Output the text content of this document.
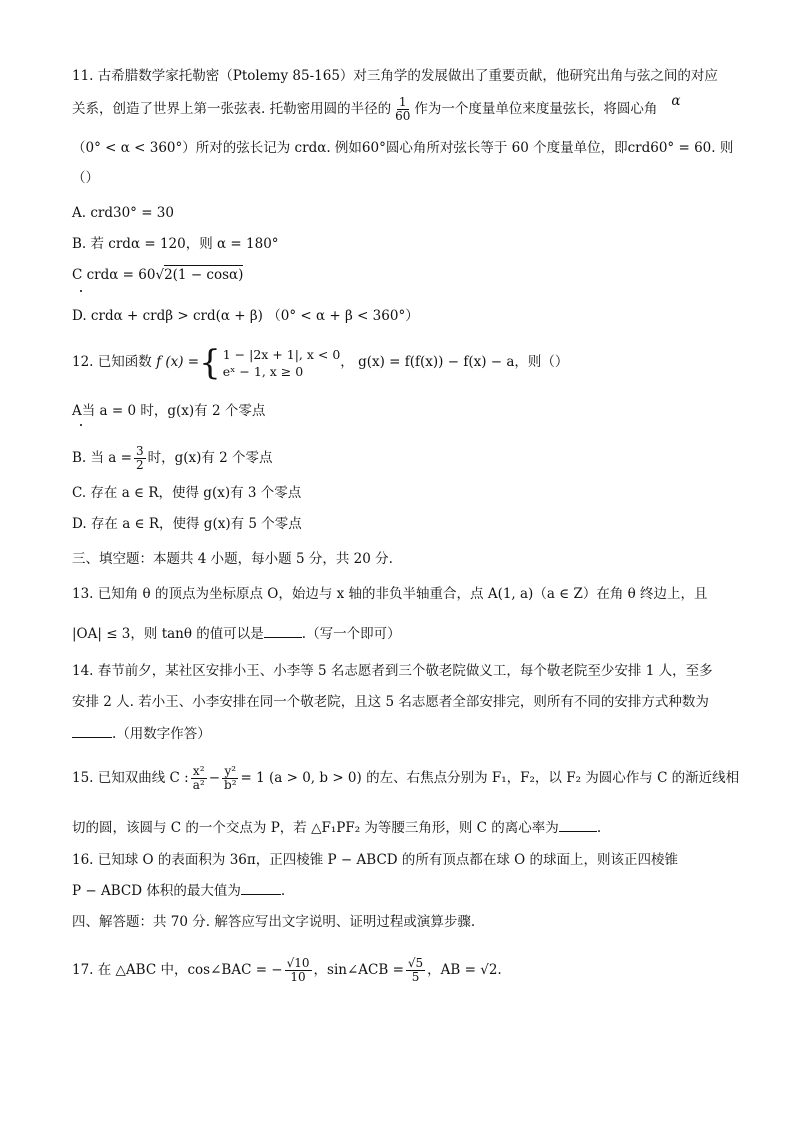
11. 古希腊数学家托勒密（Ptolemy 85-165）对三角学的发展做出了重要贡献，他研究出角与弦之间的对应
关系，创造了世界上第一张弦表. 托勒密用圆的半径的 $\frac{1}{60}$ 作为一个度量单位来度量弦长，将圆心角 α
（0° < α < 360°）所对的弦长记为 crdα. 例如60°圆心角所对弦长等于 60 个度量单位，即crd60° = 60. 则
（）
A. crd30° = 30
B. 若 crdα = 120，则 α = 180°
C crdα = 60√2(1 − cosα)
D. crdα + crdβ > crd(α + β) （0° < α + β < 360°）
12. 已知函数 f (x) = { 1 − |2x + 1|, x < 0
eˣ − 1, x ≥ 0
， g(x) = f(f(x)) − f(x) − a，则（）
A当 a = 0 时，g(x)有 2 个零点
B. 当 $a = \frac{3}{2}$ 时，g(x)有 2 个零点
C. 存在 a ∈ R，使得 g(x)有 3 个零点
D. 存在 a ∈ R，使得 g(x)有 5 个零点
三、填空题：本题共 4 小题，每小题 5 分，共 20 分.
13. 已知角 θ 的顶点为坐标原点 O，始边与 x 轴的非负半轴重合，点 A(1, a)（a ∈ Z）在角 θ 终边上，且
|OA| ≤ 3，则 tanθ 的值可以是	.（写一个即可）
14. 春节前夕，某社区安排小王、小李等 5 名志愿者到三个敬老院做义工，每个敬老院至少安排 1 人，至多
安排 2 人. 若小王、小李安排在同一个敬老院，且这 5 名志愿者全部安排完，则所有不同的安排方式种数为
.（用数字作答）
15. 已知双曲线 C : $\frac{\text{x²}}{\text{a²}} - \frac{\text{y²}}{\text{b²}} = 1$ (a > 0, b > 0) 的左、右焦点分别为 F₁，F₂，以 F₂ 为圆心作与 C 的渐近线相
切的圆，该圆与 C 的一个交点为 P，若 △F₁PF₂ 为等腰三角形，则 C 的离心率为	.
16. 已知球 O 的表面积为 36π，正四棱锥 P − ABCD 的所有顶点都在球 O 的球面上，则该正四棱锥
P − ABCD 体积的最大值为	.
四、解答题：共 70 分. 解答应写出文字说明、证明过程或演算步骤.
17. 在 △ABC 中，cos∠BAC = − $\frac{√10}{10}$ ，sin∠ACB = $\frac{√5}{5}$ ，AB = √2.
